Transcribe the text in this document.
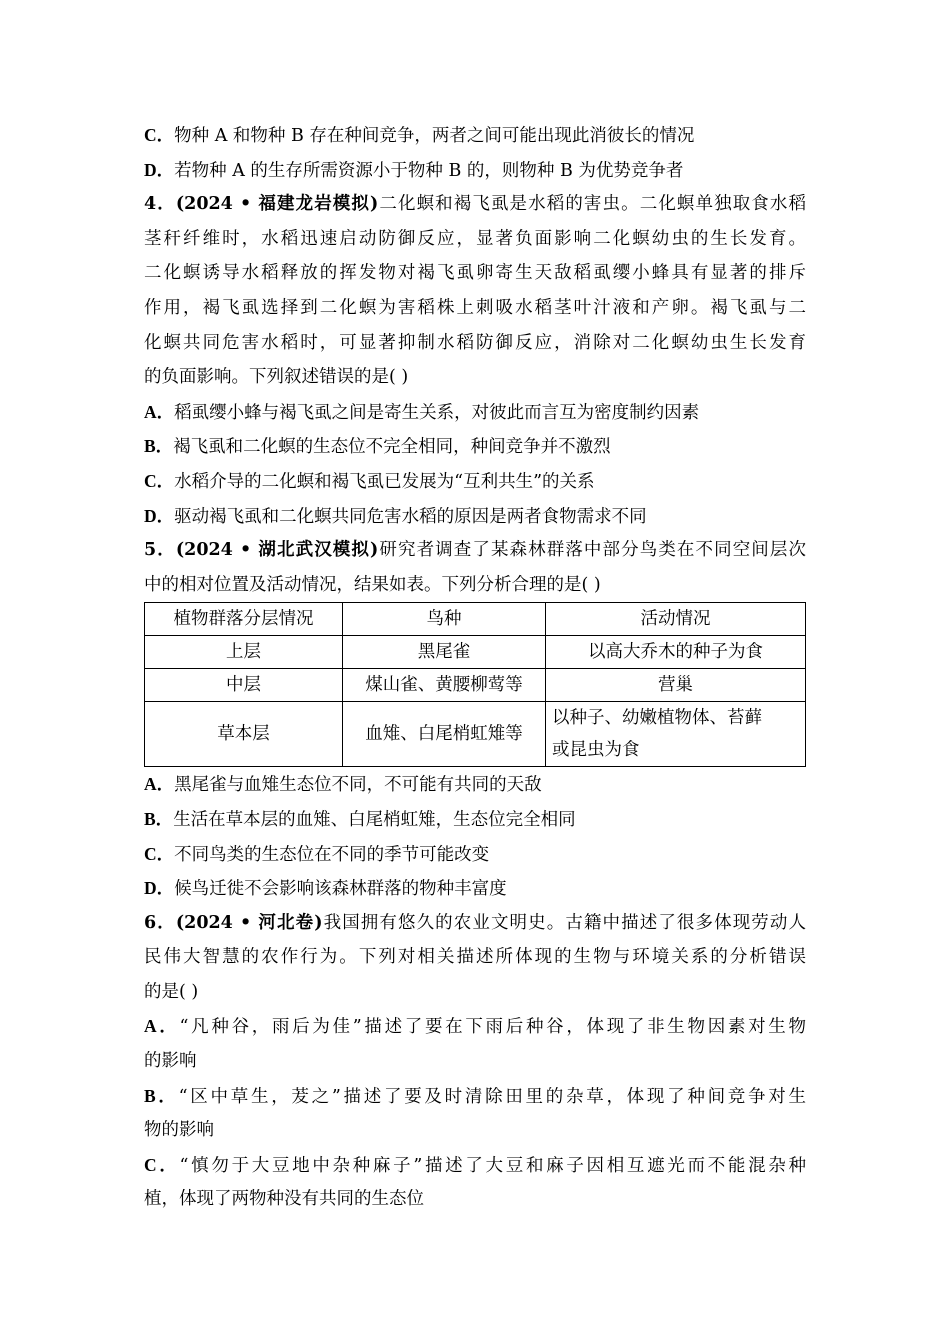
C．物种 A 和物种 B 存在种间竞争，两者之间可能出现此消彼长的情况
D．若物种 A 的生存所需资源小于物种 B 的，则物种 B 为优势竞争者
4．(2024 • 福建龙岩模拟)二化螟和褐飞虱是水稻的害虫。二化螟单独取食水稻
茎秆纤维时，水稻迅速启动防御反应，显著负面影响二化螟幼虫的生长发育。
二化螟诱导水稻释放的挥发物对褐飞虱卵寄生天敌稻虱缨小蜂具有显著的排斥
作用，褐飞虱选择到二化螟为害稻株上刺吸水稻茎叶汁液和产卵。褐飞虱与二
化螟共同危害水稻时，可显著抑制水稻防御反应，消除对二化螟幼虫生长发育
的负面影响。下列叙述错误的是( )
A．稻虱缨小蜂与褐飞虱之间是寄生关系，对彼此而言互为密度制约因素
B．褐飞虱和二化螟的生态位不完全相同，种间竞争并不激烈
C．水稻介导的二化螟和褐飞虱已发展为“互利共生”的关系
D．驱动褐飞虱和二化螟共同危害水稻的原因是两者食物需求不同
5．(2024 • 湖北武汉模拟)研究者调查了某森林群落中部分鸟类在不同空间层次
中的相对位置及活动情况，结果如表。下列分析合理的是( )
植物群落分层情况	鸟种	活动情况
上层	黑尾雀	以高大乔木的种子为食
中层	煤山雀、黄腰柳莺等	营巢
草本层	血雉、白尾梢虹雉等	以种子、幼嫩植物体、苔藓
或昆虫为食
A．黑尾雀与血雉生态位不同，不可能有共同的天敌
B．生活在草本层的血雉、白尾梢虹雉，生态位完全相同
C．不同鸟类的生态位在不同的季节可能改变
D．候鸟迁徙不会影响该森林群落的物种丰富度
6．(2024 • 河北卷)我国拥有悠久的农业文明史。古籍中描述了很多体现劳动人
民伟大智慧的农作行为。下列对相关描述所体现的生物与环境关系的分析错误
的是( )
A．“凡种谷，雨后为佳”描述了要在下雨后种谷，体现了非生物因素对生物
的影响
B．“区中草生，茇之”描述了要及时清除田里的杂草，体现了种间竞争对生
物的影响
C．“慎勿于大豆地中杂种麻子”描述了大豆和麻子因相互遮光而不能混杂种
植，体现了两物种没有共同的生态位
